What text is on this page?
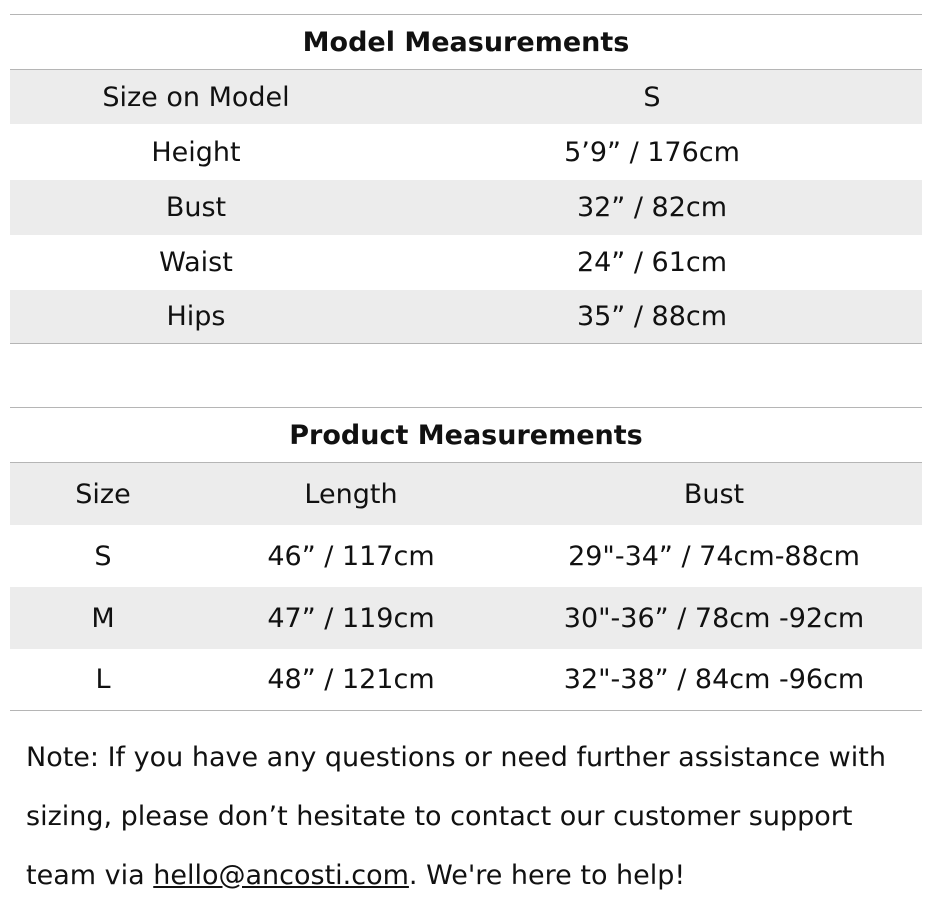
Model Measurements
Size on Model	S
Height	5’9” / 176cm
Bust	32” / 82cm
Waist	24” / 61cm
Hips	35” / 88cm
Product Measurements
Size	Length	Bust
S	46” / 117cm	29"-34” / 74cm-88cm
M	47” / 119cm	30"-36” / 78cm -92cm
L	48” / 121cm	32"-38” / 84cm -96cm
Note: If you have any questions or need further assistance with sizing, please don’t hesitate to contact our customer support team via hello@ancosti.com. We're here to help!
